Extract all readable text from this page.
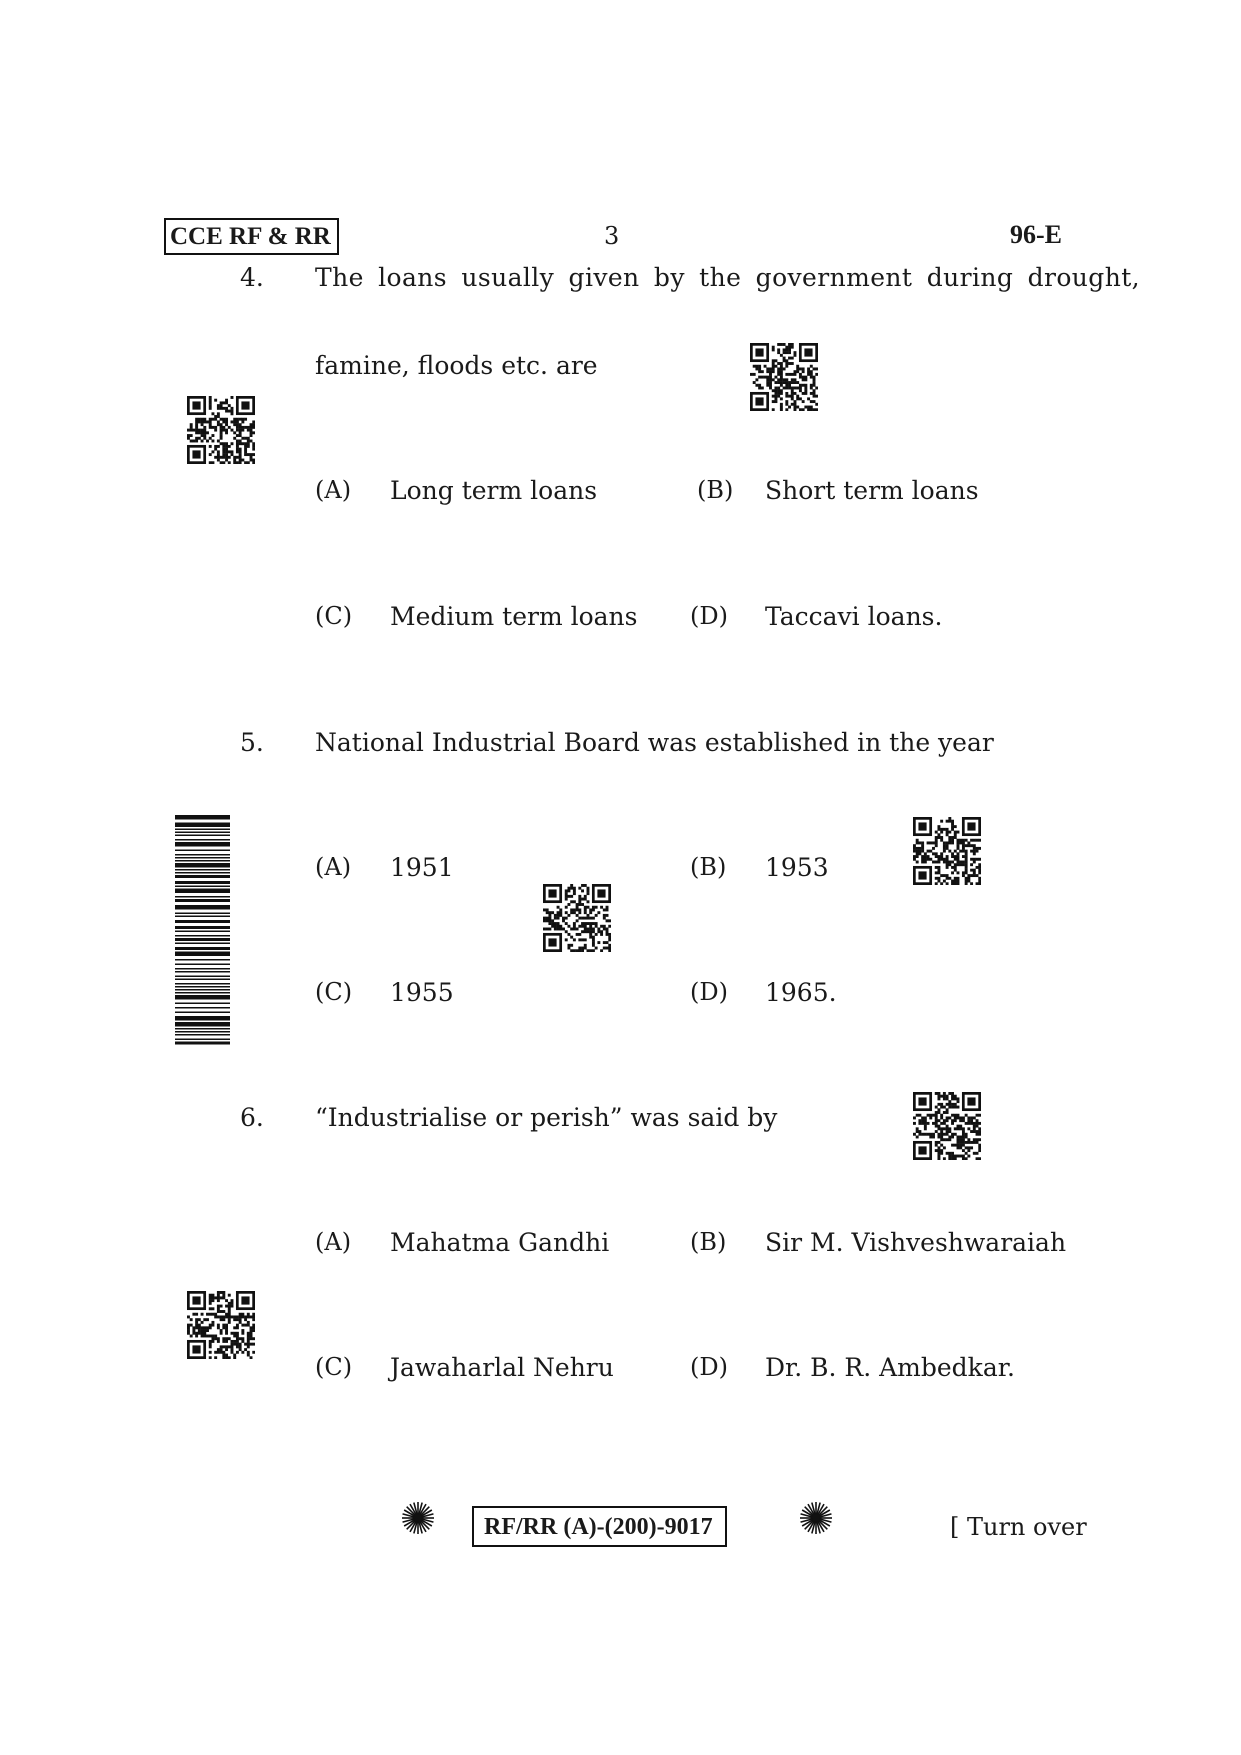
CCE RF & RR	3	96-E
4. The loans usually given by the government during drought,
famine, floods etc. are
(A) Long term loans	(B) Short term loans
(C) Medium term loans (D) Taccavi loans.
5. National Industrial Board was established in the year
(A) 1951	(B) 1953
(C) 1955	(D) 1965.
6. “Industrialise or perish” was said by
(A) Mahatma Gandhi	(B) Sir M. Vishveshwaraiah
(C) Jawaharlal Nehru	(D) Dr. B. R. Ambedkar.
RF/RR (A)-(200)-9017	[ Turn over
